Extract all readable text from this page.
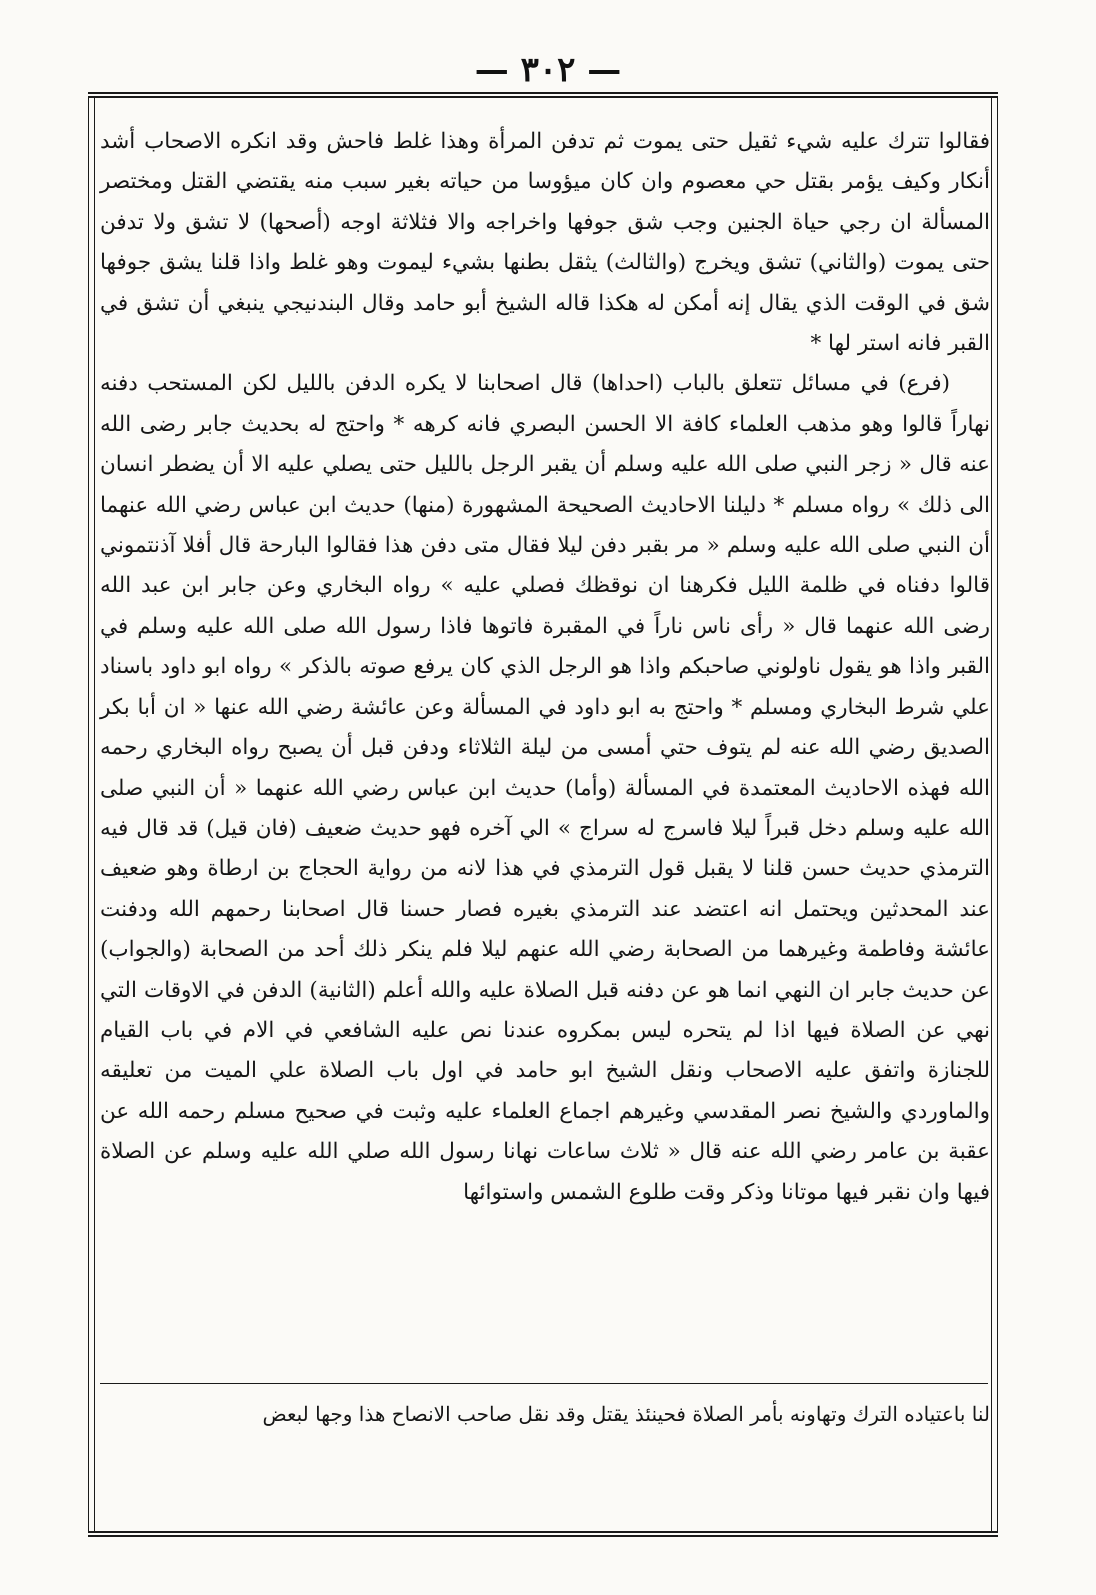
— ٣٠٢ —

فقالوا تترك عليه شيء ثقيل حتى يموت ثم تدفن المرأة وهذا غلط فاحش وقد انكره الاصحاب أشد أنكار وكيف يؤمر بقتل حي معصوم وان كان ميؤوسا من حياته بغير سبب منه يقتضي القتل ومختصر المسألة ان رجي حياة الجنين وجب شق جوفها واخراجه والا فثلاثة اوجه (أصحها) لا تشق ولا تدفن حتى يموت (والثاني) تشق ويخرج (والثالث) يثقل بطنها بشيء ليموت وهو غلط واذا قلنا يشق جوفها شق في الوقت الذي يقال إنه أمكن له هكذا قاله الشيخ أبو حامد وقال البندنيجي ينبغي أن تشق في القبر فانه استر لها *

(فرع) في مسائل تتعلق بالباب (احداها) قال اصحابنا لا يكره الدفن بالليل لكن المستحب دفنه نهاراً قالوا وهو مذهب العلماء كافة الا الحسن البصري فانه كرهه * واحتج له بحديث جابر رضى الله عنه قال « زجر النبي صلى الله عليه وسلم أن يقبر الرجل بالليل حتى يصلي عليه الا أن يضطر انسان الى ذلك » رواه مسلم * دليلنا الاحاديث الصحيحة المشهورة (منها) حديث ابن عباس رضي الله عنهما أن النبي صلى الله عليه وسلم « مر بقبر دفن ليلا فقال متى دفن هذا فقالوا البارحة قال أفلا آذنتموني قالوا دفناه في ظلمة الليل فكرهنا ان نوقظك فصلي عليه » رواه البخاري وعن جابر ابن عبد الله رضى الله عنهما قال « رأى ناس ناراً في المقبرة فاتوها فاذا رسول الله صلى الله عليه وسلم في القبر واذا هو يقول ناولوني صاحبكم واذا هو الرجل الذي كان يرفع صوته بالذكر » رواه ابو داود باسناد علي شرط البخاري ومسلم * واحتج به ابو داود في المسألة وعن عائشة رضي الله عنها « ان أبا بكر الصديق رضي الله عنه لم يتوف حتي أمسى من ليلة الثلاثاء ودفن قبل أن يصبح رواه البخاري رحمه الله فهذه الاحاديث المعتمدة في المسألة (وأما) حديث ابن عباس رضي الله عنهما « أن النبي صلى الله عليه وسلم دخل قبراً ليلا فاسرج له سراج » الي آخره فهو حديث ضعيف (فان قيل) قد قال فيه الترمذي حديث حسن قلنا لا يقبل قول الترمذي في هذا لانه من رواية الحجاج بن ارطاة وهو ضعيف عند المحدثين ويحتمل انه اعتضد عند الترمذي بغيره فصار حسنا قال اصحابنا رحمهم الله ودفنت عائشة وفاطمة وغيرهما من الصحابة رضي الله عنهم ليلا فلم ينكر ذلك أحد من الصحابة (والجواب) عن حديث جابر ان النهي انما هو عن دفنه قبل الصلاة عليه والله أعلم (الثانية) الدفن في الاوقات التي نهي عن الصلاة فيها اذا لم يتحره ليس بمكروه عندنا نص عليه الشافعي في الام في باب القيام للجنازة واتفق عليه الاصحاب ونقل الشيخ ابو حامد في اول باب الصلاة علي الميت من تعليقه والماوردي والشيخ نصر المقدسي وغيرهم اجماع العلماء عليه وثبت في صحيح مسلم رحمه الله عن عقبة بن عامر رضي الله عنه قال « ثلاث ساعات نهانا رسول الله صلي الله عليه وسلم عن الصلاة فيها وان نقبر فيها موتانا وذكر وقت طلوع الشمس واستوائها

لنا باعتياده الترك وتهاونه بأمر الصلاة فحينئذ يقتل وقد نقل صاحب الانصاح هذا وجها لبعض
